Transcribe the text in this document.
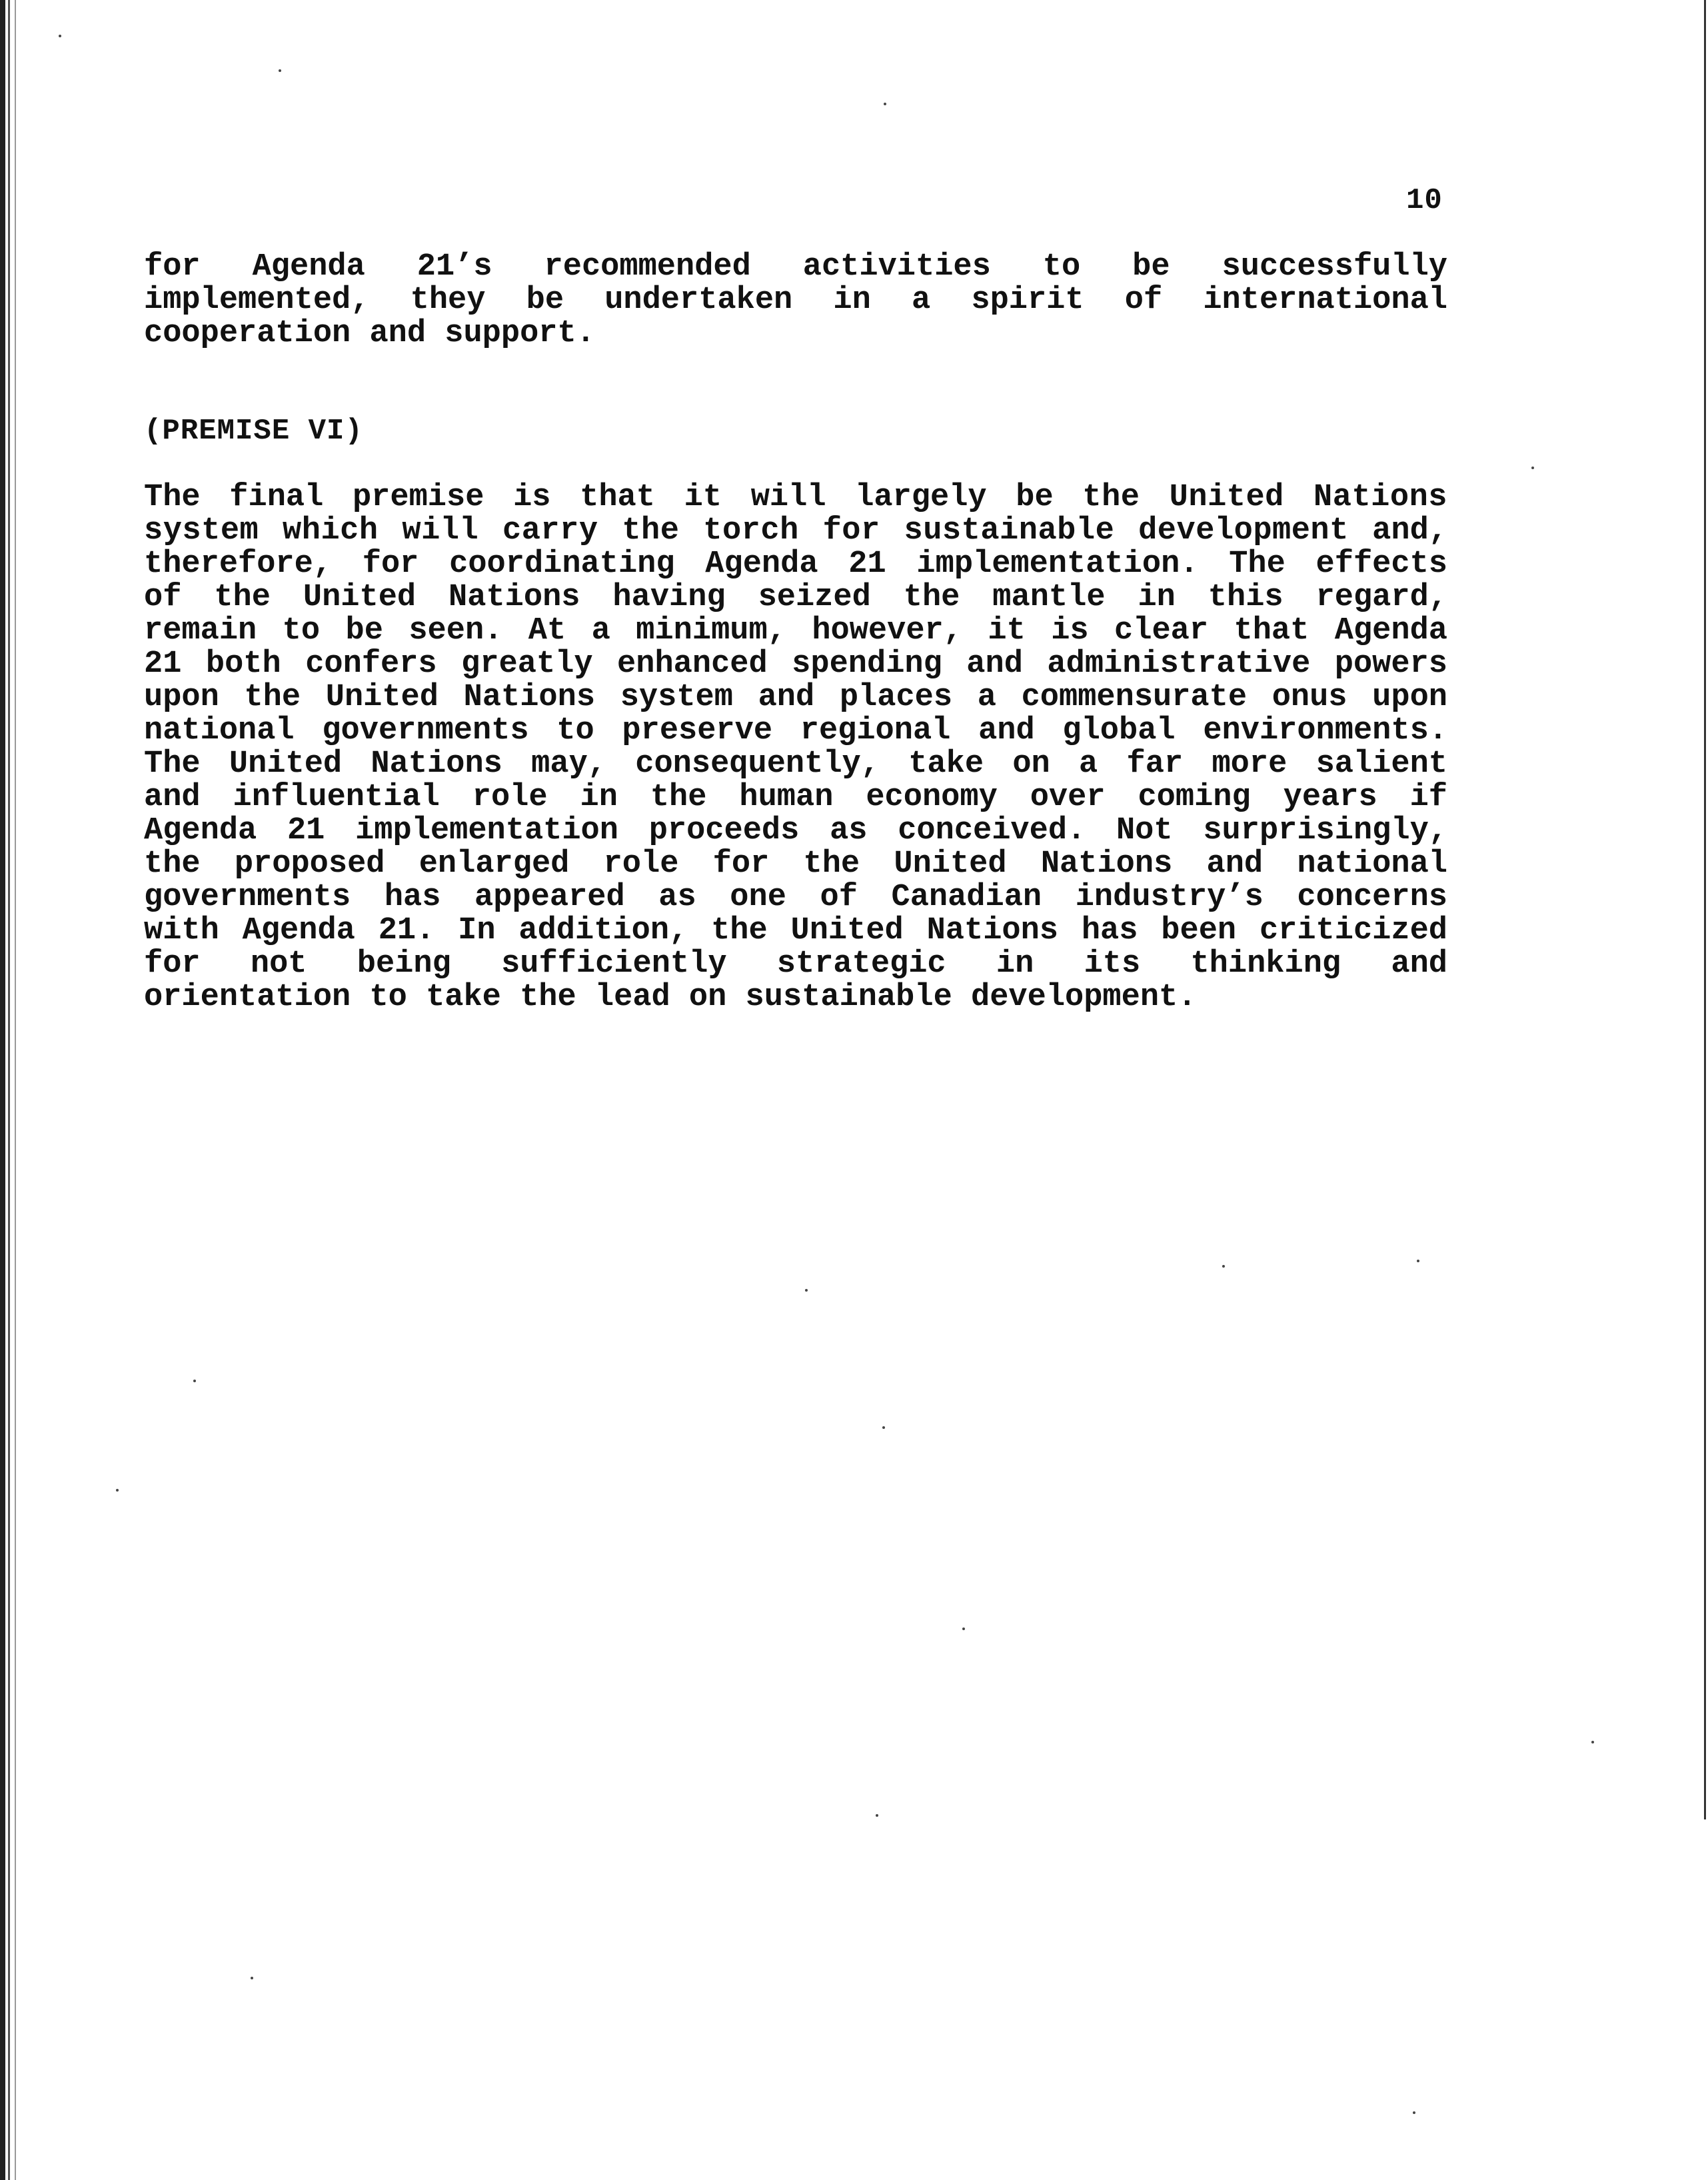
10
for Agenda 21’s recommended activities to be successfully
implemented, they be undertaken in a spirit of international
cooperation and support.
(PREMISE VI)
The final premise is that it will largely be the United Nations
system which will carry the torch for sustainable development and,
therefore, for coordinating Agenda 21 implementation. The effects
of the United Nations having seized the mantle in this regard,
remain to be seen. At a minimum, however, it is clear that Agenda
21 both confers greatly enhanced spending and administrative powers
upon the United Nations system and places a commensurate onus upon
national governments to preserve regional and global environments.
The United Nations may, consequently, take on a far more salient
and influential role in the human economy over coming years if
Agenda 21 implementation proceeds as conceived. Not surprisingly,
the proposed enlarged role for the United Nations and national
governments has appeared as one of Canadian industry’s concerns
with Agenda 21. In addition, the United Nations has been criticized
for not being sufficiently strategic in its thinking and
orientation to take the lead on sustainable development.
